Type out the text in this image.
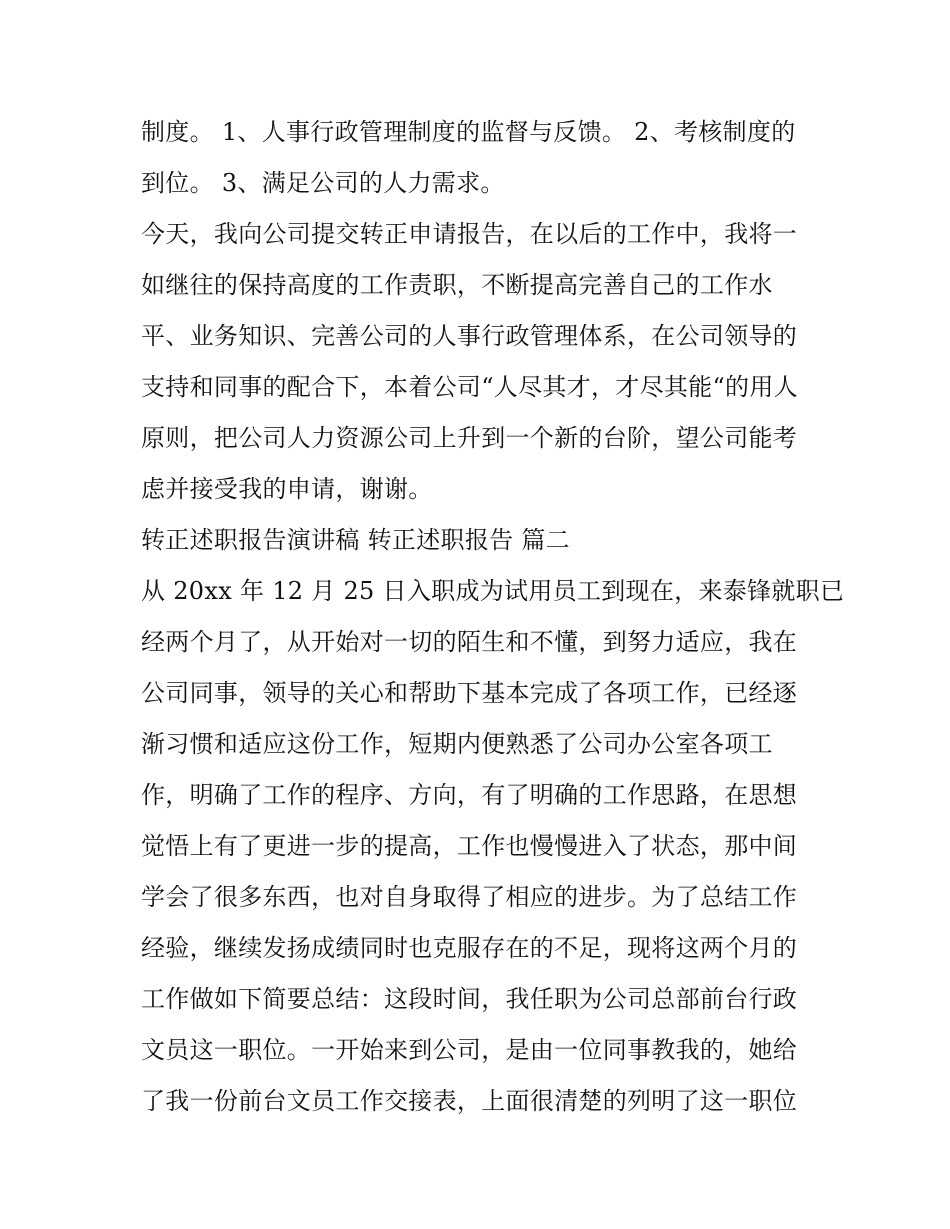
制度。 1、人事行政管理制度的监督与反馈。 2、考核制度的
到位。 3、满足公司的人力需求。
今天，我向公司提交转正申请报告，在以后的工作中，我将一
如继往的保持高度的工作责职，不断提高完善自己的工作水
平、业务知识、完善公司的人事行政管理体系，在公司领导的
支持和同事的配合下，本着公司“人尽其才，才尽其能“的用人
原则，把公司人力资源公司上升到一个新的台阶，望公司能考
虑并接受我的申请，谢谢。
转正述职报告演讲稿 转正述职报告 篇二
从 20xx 年 12 月 25 日入职成为试用员工到现在，来泰锋就职已
经两个月了，从开始对一切的陌生和不懂，到努力适应，我在
公司同事，领导的关心和帮助下基本完成了各项工作，已经逐
渐习惯和适应这份工作，短期内便熟悉了公司办公室各项工
作，明确了工作的程序、方向，有了明确的工作思路，在思想
觉悟上有了更进一步的提高，工作也慢慢进入了状态，那中间
学会了很多东西，也对自身取得了相应的进步。为了总结工作
经验，继续发扬成绩同时也克服存在的不足，现将这两个月的
工作做如下简要总结：这段时间，我任职为公司总部前台行政
文员这一职位。一开始来到公司，是由一位同事教我的，她给
了我一份前台文员工作交接表，上面很清楚的列明了这一职位
